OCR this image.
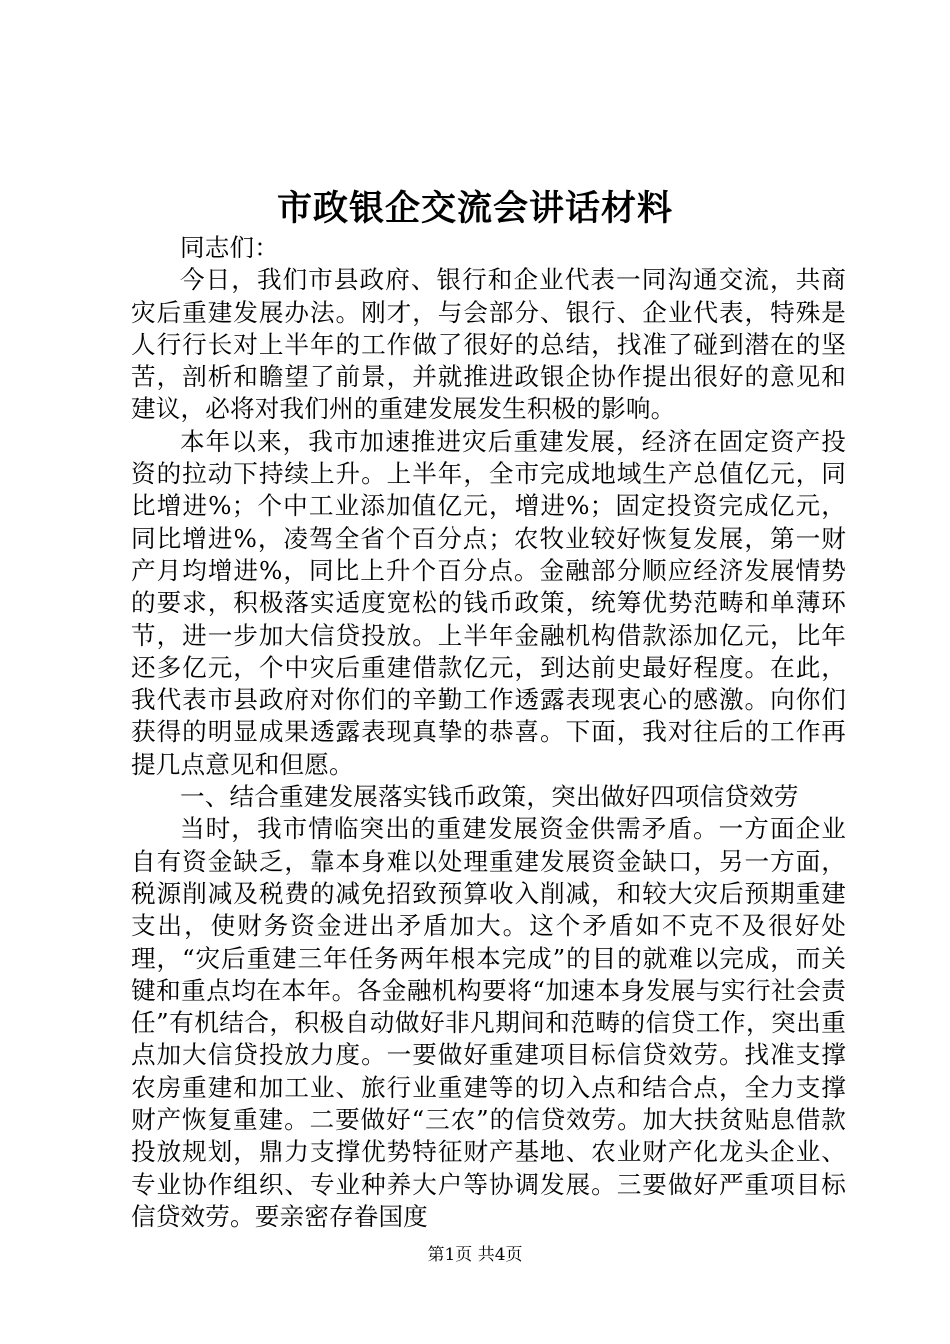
市政银企交流会讲话材料

同志们：

今日，我们市县政府、银行和企业代表一同沟通交流，共商灾后重建发展办法。刚才，与会部分、银行、企业代表，特殊是人行行长对上半年的工作做了很好的总结，找准了碰到潜在的坚苦，剖析和瞻望了前景，并就推进政银企协作提出很好的意见和建议，必将对我们州的重建发展发生积极的影响。

本年以来，我市加速推进灾后重建发展，经济在固定资产投资的拉动下持续上升。上半年，全市完成地域生产总值亿元，同比增进%；个中工业添加值亿元，增进%；固定投资完成亿元，同比增进%，凌驾全省个百分点；农牧业较好恢复发展，第一财产月均增进%，同比上升个百分点。金融部分顺应经济发展情势的要求，积极落实适度宽松的钱币政策，统筹优势范畴和单薄环节，进一步加大信贷投放。上半年金融机构借款添加亿元，比年还多亿元，个中灾后重建借款亿元，到达前史最好程度。在此，我代表市县政府对你们的辛勤工作透露表现衷心的感激。向你们获得的明显成果透露表现真挚的恭喜。下面，我对往后的工作再提几点意见和但愿。

一、结合重建发展落实钱币政策，突出做好四项信贷效劳

当时，我市情临突出的重建发展资金供需矛盾。一方面企业自有资金缺乏，靠本身难以处理重建发展资金缺口，另一方面，税源削减及税费的减免招致预算收入削减，和较大灾后预期重建支出，使财务资金进出矛盾加大。这个矛盾如不克不及很好处理，“灾后重建三年任务两年根本完成”的目的就难以完成，而关键和重点均在本年。各金融机构要将“加速本身发展与实行社会责任”有机结合，积极自动做好非凡期间和范畴的信贷工作，突出重点加大信贷投放力度。一要做好重建项目标信贷效劳。找准支撑农房重建和加工业、旅行业重建等的切入点和结合点，全力支撑财产恢复重建。二要做好“三农”的信贷效劳。加大扶贫贴息借款投放规划，鼎力支撑优势特征财产基地、农业财产化龙头企业、专业协作组织、专业种养大户等协调发展。三要做好严重项目标信贷效劳。要亲密存眷国度

第1页 共4页
